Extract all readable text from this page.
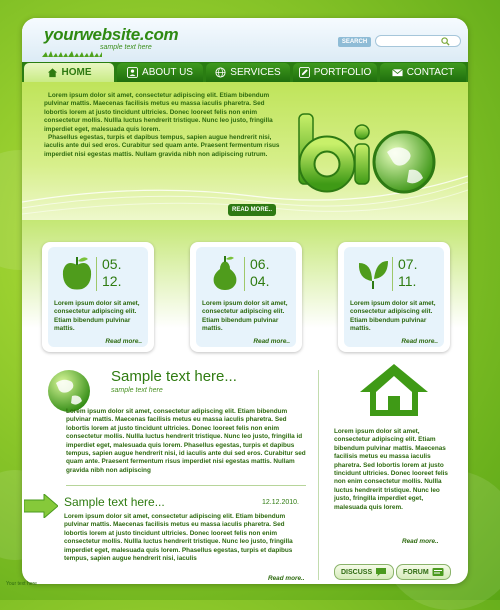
yourwebsite.com
sample text here
SEARCH
HOME	ABOUT US	SERVICES	PORTFOLIO	CONTACT

Lorem ipsum dolor sit amet, consectetur adipiscing elit. Etiam bibendum pulvinar mattis. Maecenas facilisis metus eu massa iaculis pharetra. Sed lobortis lorem at justo tincidunt ultricies. Donec looreet felis non enim consectetur mollis. Nullla luctus hendrerit tristique. Nunc leo justo, fringilla imperdiet eget, malesuada quis lorem.

Phasellus egestas, turpis et dapibus tempus, sapien augue hendrerit nisi, iaculis ante dui sed eros. Curabitur sed quam ante. Praesent fermentum risus imperdiet nisi egestas mattis. Nullam gravida nibh non adipiscing rutrum.

READ MORE..
05.
12.
Lorem ipsum dolor sit amet, consectetur adipiscing elit. Etiam bibendum pulvinar mattis.
Read more..
06.
04.
Lorem ipsum dolor sit amet, consectetur adipiscing elit. Etiam bibendum pulvinar mattis.
Read more..
07.
11.
Lorem ipsum dolor sit amet, consectetur adipiscing elit. Etiam bibendum pulvinar mattis.
Read more..
Sample text here...
sample text here
Lorem ipsum dolor sit amet, consectetur adipiscing elit. Etiam bibendum pulvinar mattis. Maecenas facilisis metus eu massa iaculis pharetra. Sed lobortis lorem at justo tincidunt ultricies. Donec looreet felis non enim consectetur mollis. Nullla luctus hendrerit tristique. Nunc leo justo, fringilla id imperdiet eget, malesuada quis lorem. Phasellus egestas, turpis et dapibus tempus, sapien augue hendrerit nisi, id iaculis ante dui sed eros. Curabitur sed quam ante. Praesent fermentum risus imperdiet nisi egestas mattis. Nullam gravida nibh non adipiscing
Sample text here...	12.12.2010.
Lorem ipsum dolor sit amet, consectetur adipiscing elit. Etiam bibendum pulvinar mattis. Maecenas facilisis metus eu massa iaculis pharetra. Sed lobortis lorem at justo tincidunt ultricies. Donec looreet felis non enim consectetur mollis. Nullla luctus hendrerit tristique. Nunc leo justo, fringilla imperdiet eget, malesuada quis lorem. Phasellus egestas, turpis et dapibus tempus, sapien augue hendrerit nisi, iaculis
Read more..
Lorem ipsum dolor sit amet, consectetur adipiscing elit. Etiam bibendum pulvinar mattis. Maecenas facilisis metus eu massa iaculis pharetra. Sed lobortis lorem at justo tincidunt ultricies. Donec looreet felis non enim consectetur mollis. Nullla luctus hendrerit tristique. Nunc leo justo, fringilla imperdiet eget, malesuada quis lorem.
Read more..
DISCUSS	FORUM
Your text here
